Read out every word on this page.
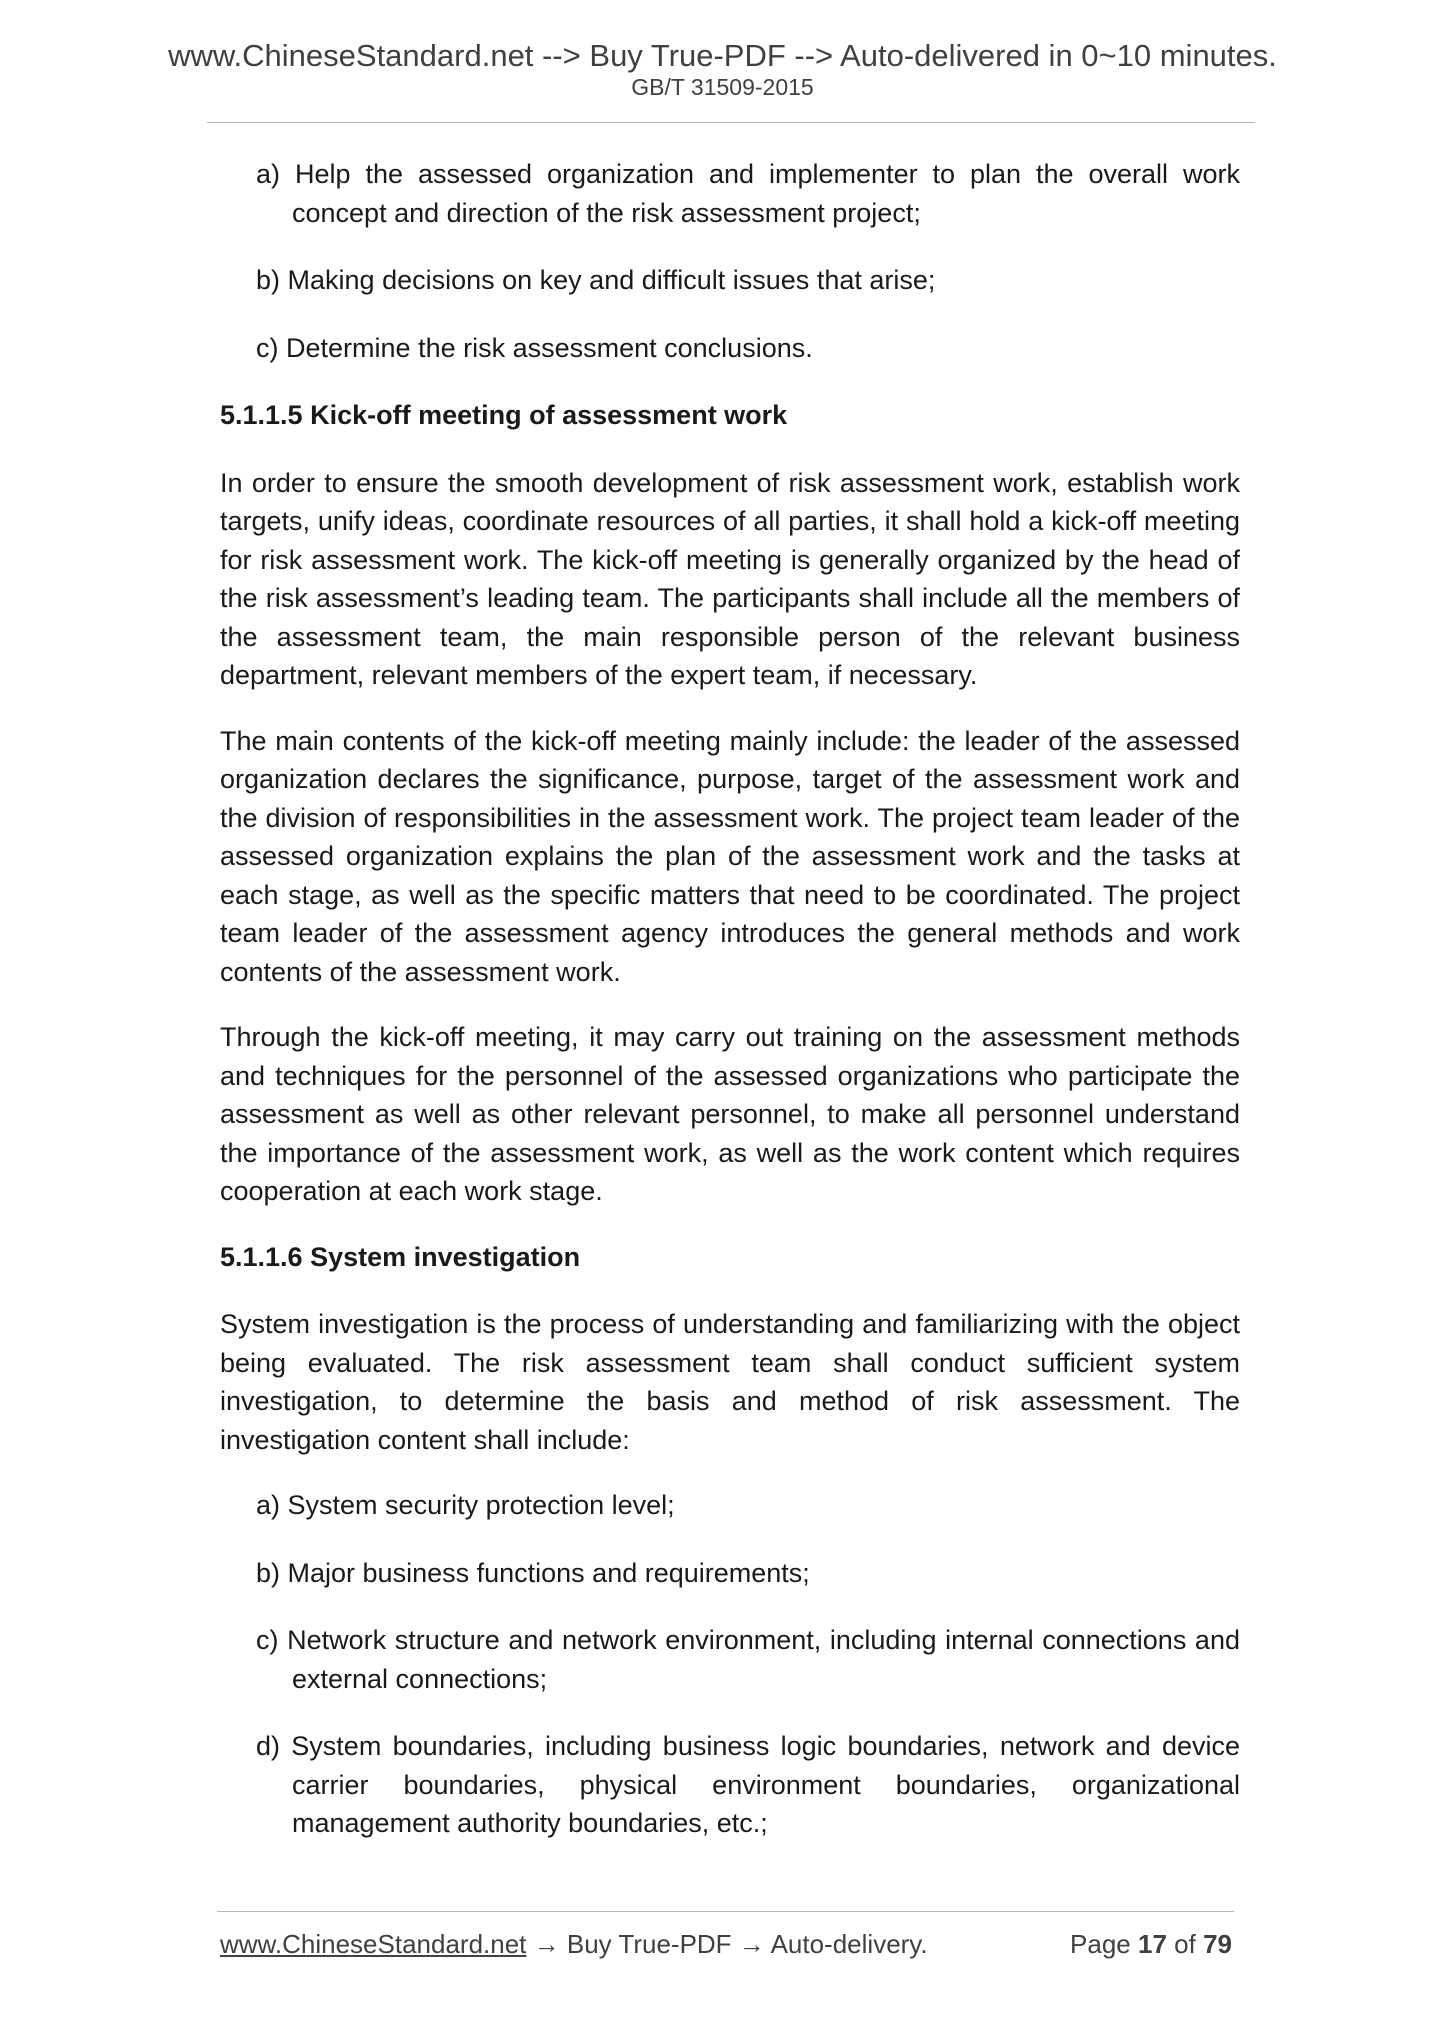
www.ChineseStandard.net --> Buy True-PDF --> Auto-delivered in 0~10 minutes.
GB/T 31509-2015

a) Help the assessed organization and implementer to plan the overall work concept and direction of the risk assessment project;

b) Making decisions on key and difficult issues that arise;

c) Determine the risk assessment conclusions.

5.1.1.5 Kick-off meeting of assessment work

In order to ensure the smooth development of risk assessment work, establish work targets, unify ideas, coordinate resources of all parties, it shall hold a kick-off meeting for risk assessment work. The kick-off meeting is generally organized by the head of the risk assessment’s leading team. The participants shall include all the members of the assessment team, the main responsible person of the relevant business department, relevant members of the expert team, if necessary.

The main contents of the kick-off meeting mainly include: the leader of the assessed organization declares the significance, purpose, target of the assessment work and the division of responsibilities in the assessment work. The project team leader of the assessed organization explains the plan of the assessment work and the tasks at each stage, as well as the specific matters that need to be coordinated. The project team leader of the assessment agency introduces the general methods and work contents of the assessment work.

Through the kick-off meeting, it may carry out training on the assessment methods and techniques for the personnel of the assessed organizations who participate the assessment as well as other relevant personnel, to make all personnel understand the importance of the assessment work, as well as the work content which requires cooperation at each work stage.

5.1.1.6 System investigation

System investigation is the process of understanding and familiarizing with the object being evaluated. The risk assessment team shall conduct sufficient system investigation, to determine the basis and method of risk assessment. The investigation content shall include:

a) System security protection level;

b) Major business functions and requirements;

c) Network structure and network environment, including internal connections and external connections;

d) System boundaries, including business logic boundaries, network and device carrier boundaries, physical environment boundaries, organizational management authority boundaries, etc.;

www.ChineseStandard.net → Buy True-PDF → Auto-delivery.	Page 17 of 79
